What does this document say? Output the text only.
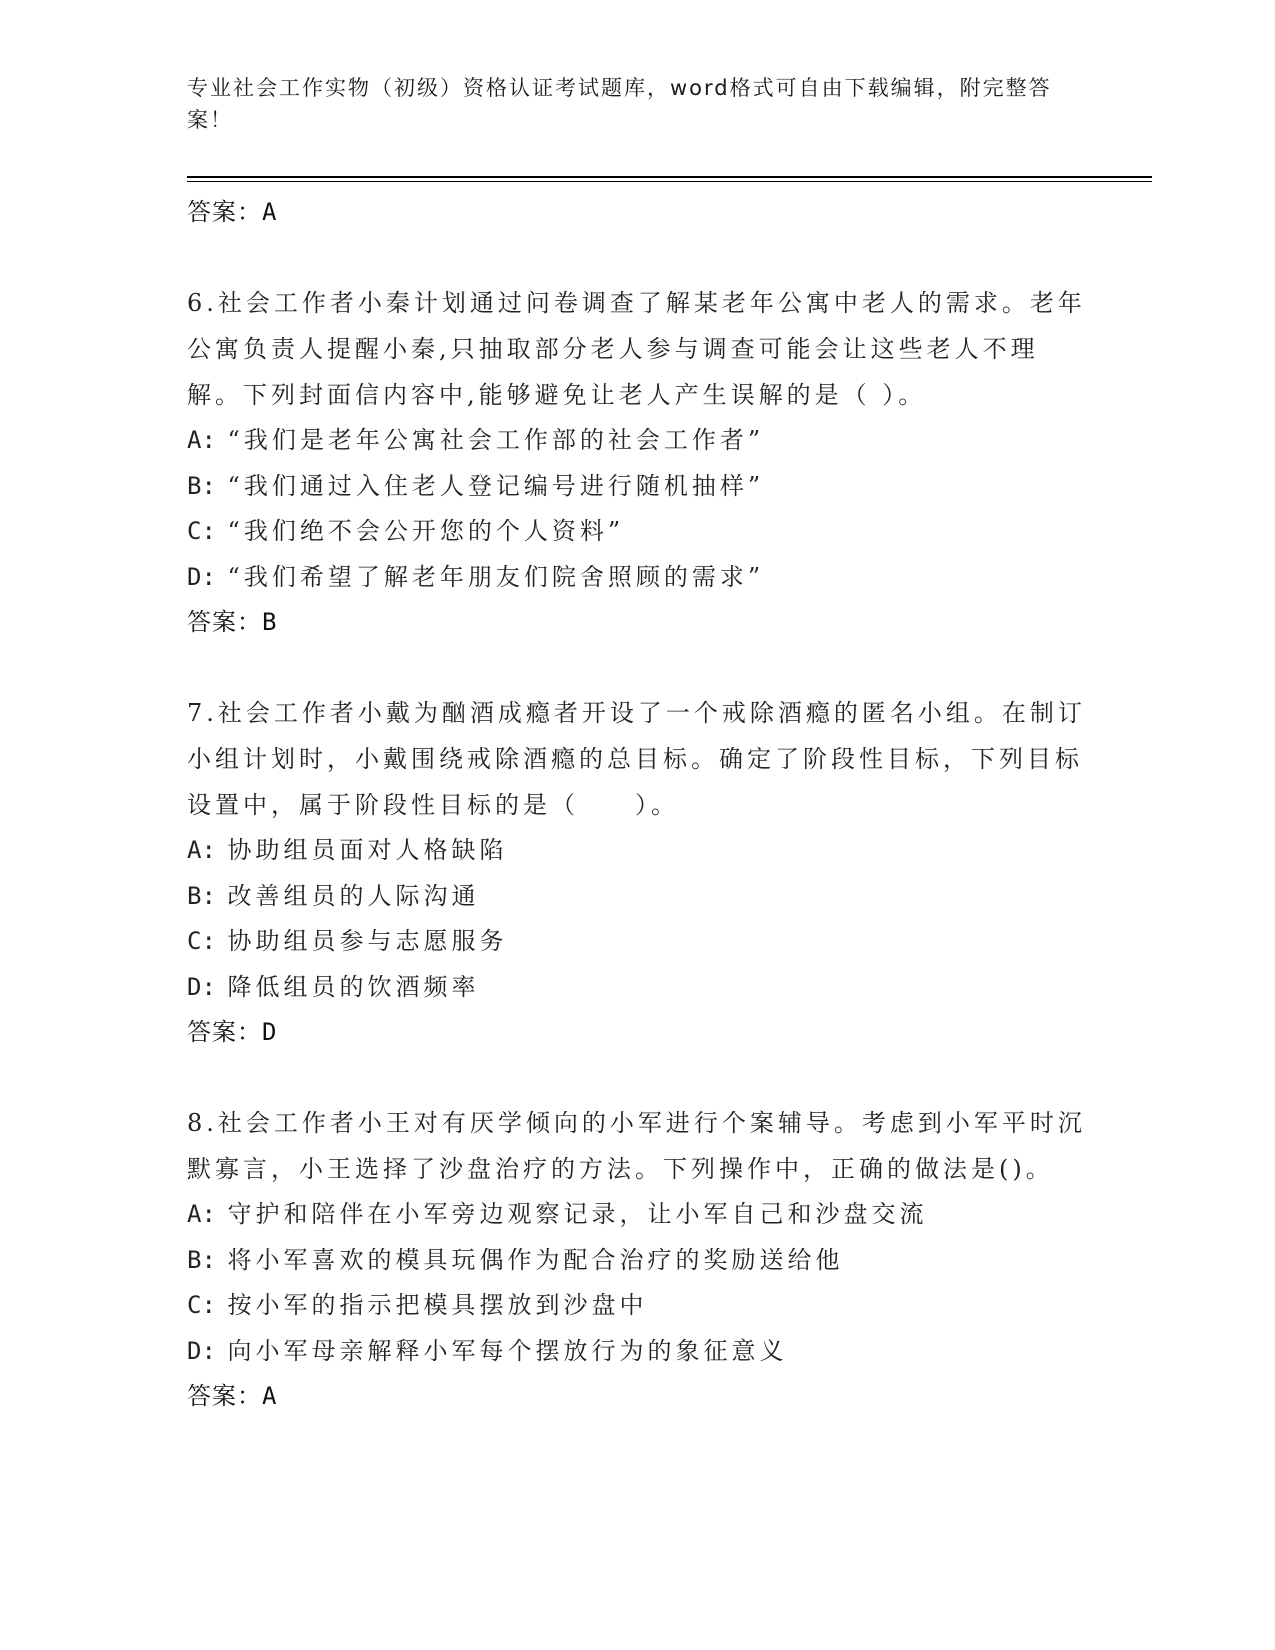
专业社会工作实物（初级）资格认证考试题库，word格式可自由下载编辑，附完整答案！
答案：A
6.社会工作者小秦计划通过问卷调查了解某老年公寓中老人的需求。老年公寓负责人提醒小秦,只抽取部分老人参与调查可能会让这些老人不理解。下列封面信内容中,能够避免让老人产生误解的是（ ）。
A: “我们是老年公寓社会工作部的社会工作者”
B: “我们通过入住老人登记编号进行随机抽样”
C: “我们绝不会公开您的个人资料”
D: “我们希望了解老年朋友们院舍照顾的需求”
答案：B
7.社会工作者小戴为酗酒成瘾者开设了一个戒除酒瘾的匿名小组。在制订小组计划时，小戴围绕戒除酒瘾的总目标。确定了阶段性目标，下列目标设置中，属于阶段性目标的是（　　）。
A: 协助组员面对人格缺陷
B: 改善组员的人际沟通
C: 协助组员参与志愿服务
D: 降低组员的饮酒频率
答案：D
8.社会工作者小王对有厌学倾向的小军进行个案辅导。考虑到小军平时沉默寡言，小王选择了沙盘治疗的方法。下列操作中，正确的做法是()。
A: 守护和陪伴在小军旁边观察记录，让小军自己和沙盘交流
B: 将小军喜欢的模具玩偶作为配合治疗的奖励送给他
C: 按小军的指示把模具摆放到沙盘中
D: 向小军母亲解释小军每个摆放行为的象征意义
答案：A
